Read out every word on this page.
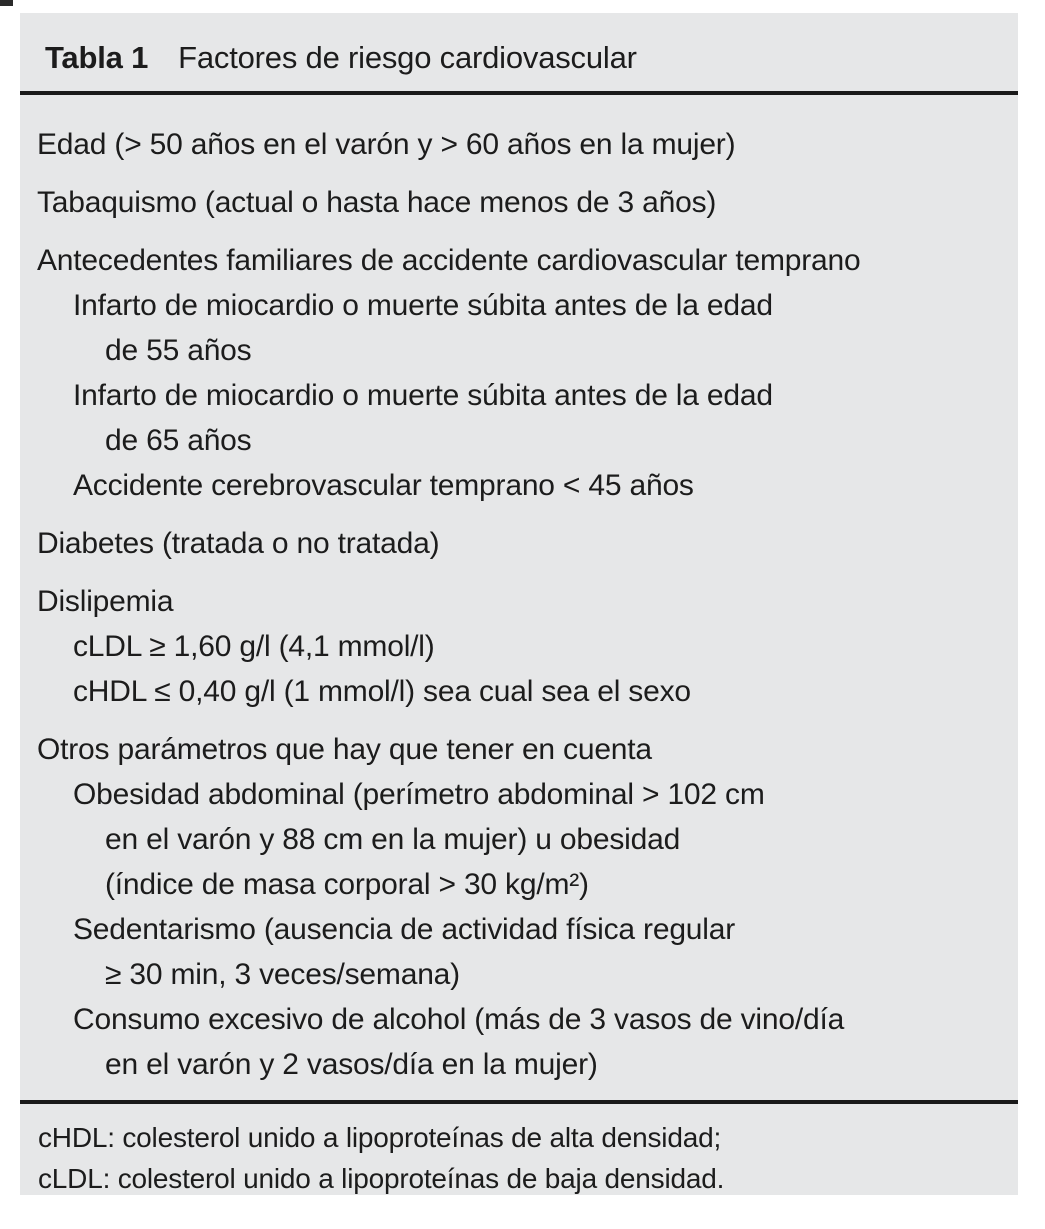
Tabla 1 Factores de riesgo cardiovascular
Edad (> 50 años en el varón y > 60 años en la mujer)
Tabaquismo (actual o hasta hace menos de 3 años)
Antecedentes familiares de accidente cardiovascular temprano
Infarto de miocardio o muerte súbita antes de la edad
de 55 años
Infarto de miocardio o muerte súbita antes de la edad
de 65 años
Accidente cerebrovascular temprano < 45 años
Diabetes (tratada o no tratada)
Dislipemia
cLDL ≥ 1,60 g/l (4,1 mmol/l)
cHDL ≤ 0,40 g/l (1 mmol/l) sea cual sea el sexo
Otros parámetros que hay que tener en cuenta
Obesidad abdominal (perímetro abdominal > 102 cm
en el varón y 88 cm en la mujer) u obesidad
(índice de masa corporal > 30 kg/m²)
Sedentarismo (ausencia de actividad física regular
≥ 30 min, 3 veces/semana)
Consumo excesivo de alcohol (más de 3 vasos de vino/día
en el varón y 2 vasos/día en la mujer)
cHDL: colesterol unido a lipoproteínas de alta densidad;
cLDL: colesterol unido a lipoproteínas de baja densidad.
